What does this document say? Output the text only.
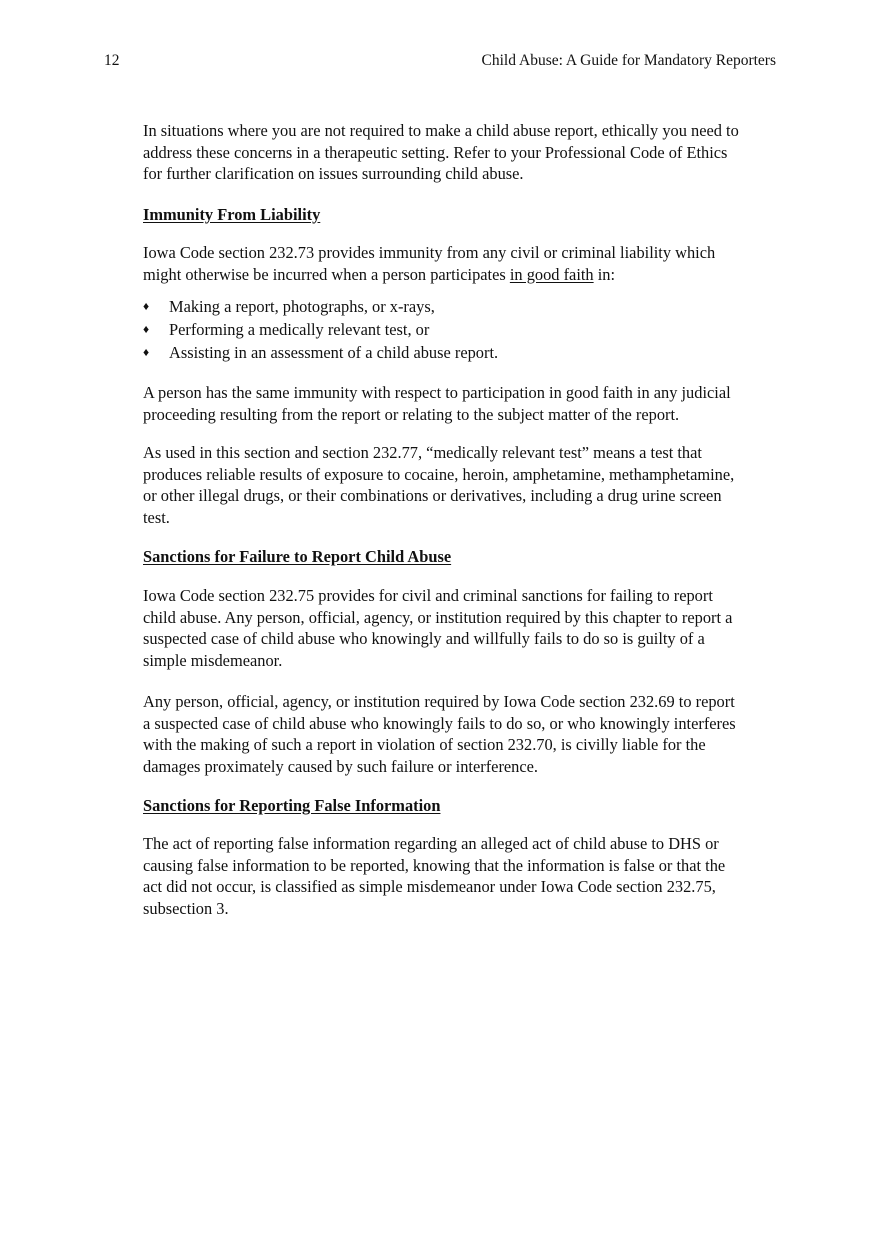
12	Child Abuse: A Guide for Mandatory Reporters
In situations where you are not required to make a child abuse report, ethically you need to
address these concerns in a therapeutic setting. Refer to your Professional Code of Ethics
for further clarification on issues surrounding child abuse.
Immunity From Liability
Iowa Code section 232.73 provides immunity from any civil or criminal liability which
might otherwise be incurred when a person participates in good faith in:
♦ Making a report, photographs, or x-rays,
♦ Performing a medically relevant test, or
♦ Assisting in an assessment of a child abuse report.
A person has the same immunity with respect to participation in good faith in any judicial
proceeding resulting from the report or relating to the subject matter of the report.
As used in this section and section 232.77, “medically relevant test” means a test that
produces reliable results of exposure to cocaine, heroin, amphetamine, methamphetamine,
or other illegal drugs, or their combinations or derivatives, including a drug urine screen
test.
Sanctions for Failure to Report Child Abuse
Iowa Code section 232.75 provides for civil and criminal sanctions for failing to report
child abuse. Any person, official, agency, or institution required by this chapter to report a
suspected case of child abuse who knowingly and willfully fails to do so is guilty of a
simple misdemeanor.
Any person, official, agency, or institution required by Iowa Code section 232.69 to report
a suspected case of child abuse who knowingly fails to do so, or who knowingly interferes
with the making of such a report in violation of section 232.70, is civilly liable for the
damages proximately caused by such failure or interference.
Sanctions for Reporting False Information
The act of reporting false information regarding an alleged act of child abuse to DHS or
causing false information to be reported, knowing that the information is false or that the
act did not occur, is classified as simple misdemeanor under Iowa Code section 232.75,
subsection 3.
